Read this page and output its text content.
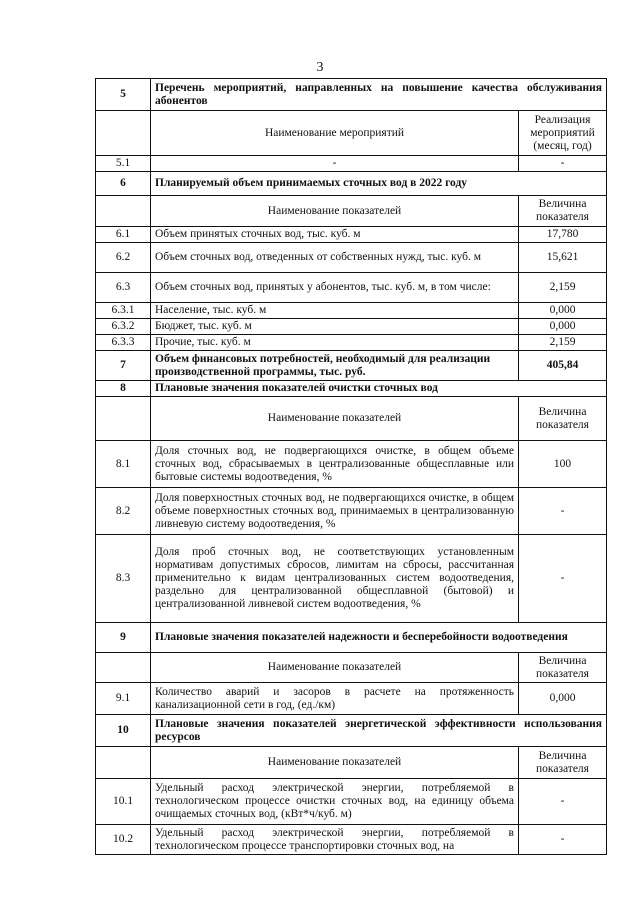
3
5	Перечень мероприятий, направленных на повышение качества обслуживания абонентов	
	Наименование мероприятий	Реализация мероприятий (месяц, год)
5.1	-	-
6	Планируемый объем принимаемых сточных вод в 2022 году	
	Наименование показателей	Величина показателя
6.1	Объем принятых сточных вод, тыс. куб. м	17,780
6.2	Объем сточных вод, отведенных от собственных нужд, тыс. куб. м	15,621
6.3	Объем сточных вод, принятых у абонентов, тыс. куб. м, в том числе:	2,159
6.3.1	Население, тыс. куб. м	0,000
6.3.2	Бюджет, тыс. куб. м	0,000
6.3.3	Прочие, тыс. куб. м	2,159
7	Объем финансовых потребностей, необходимый для реализации производственной программы, тыс. руб.	405,84
8	Плановые значения показателей очистки сточных вод	
	Наименование показателей	Величина показателя
8.1	Доля сточных вод, не подвергающихся очистке, в общем объеме сточных вод, сбрасываемых в централизованные общесплавные или бытовые системы водоотведения, %	100
8.2	Доля поверхностных сточных вод, не подвергающихся очистке, в общем объеме поверхностных сточных вод, принимаемых в централизованную ливневую систему водоотведения, %	-
8.3	Доля проб сточных вод, не соответствующих установленным нормативам допустимых сбросов, лимитам на сбросы, рассчитанная применительно к видам централизованных систем водоотведения, раздельно для централизованной общесплавной (бытовой) и централизованной ливневой систем водоотведения, %	-
9	Плановые значения показателей надежности и бесперебойности водоотведения	
	Наименование показателей	Величина показателя
9.1	Количество аварий и засоров в расчете на протяженность канализационной сети в год, (ед./км)	0,000
10	Плановые значения показателей энергетической эффективности использования ресурсов	
	Наименование показателей	Величина показателя
10.1	Удельный расход электрической энергии, потребляемой в технологическом процессе очистки сточных вод, на единицу объема очищаемых сточных вод, (кВт*ч/куб. м)	-
10.2	Удельный расход электрической энергии, потребляемой в технологическом процессе транспортировки сточных вод, на	-
